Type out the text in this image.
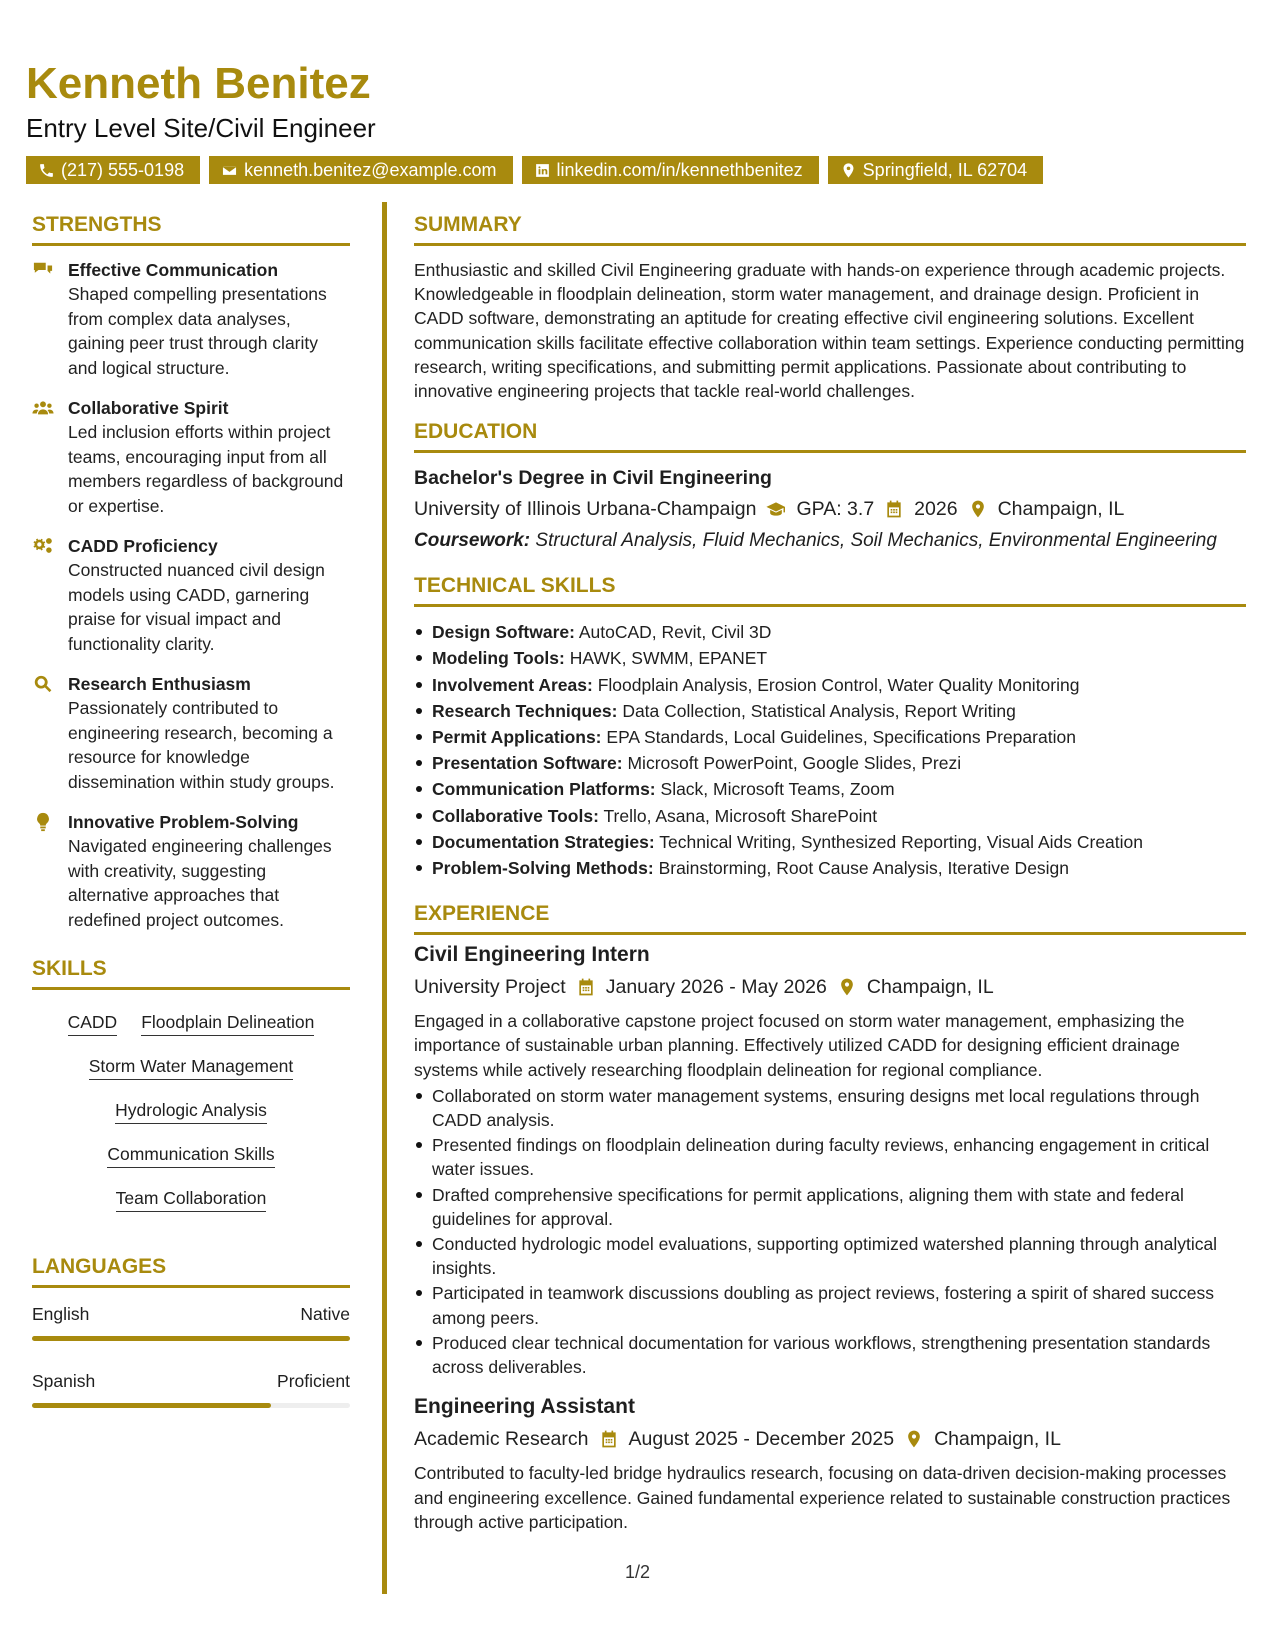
Kenneth Benitez
Entry Level Site/Civil Engineer
(217) 555-0198	kenneth.benitez@example.com	linkedin.com/in/kennethbenitez	Springfield, IL 62704
STRENGTHS
Effective Communication
Shaped compelling presentations from complex data analyses, gaining peer trust through clarity and logical structure.
Collaborative Spirit
Led inclusion efforts within project teams, encouraging input from all members regardless of background or expertise.
CADD Proficiency
Constructed nuanced civil design models using CADD, garnering praise for visual impact and functionality clarity.
Research Enthusiasm
Passionately contributed to engineering research, becoming a resource for knowledge dissemination within study groups.
Innovative Problem-Solving
Navigated engineering challenges with creativity, suggesting alternative approaches that redefined project outcomes.
SKILLS
CADD Floodplain Delineation
Storm Water Management
Hydrologic Analysis
Communication Skills
Team Collaboration
LANGUAGES
English	Native
Spanish	Proficient
SUMMARY

Enthusiastic and skilled Civil Engineering graduate with hands-on experience through academic projects. Knowledgeable in floodplain delineation, storm water management, and drainage design. Proficient in CADD software, demonstrating an aptitude for creating effective civil engineering solutions. Excellent communication skills facilitate effective collaboration within team settings. Experience conducting permitting research, writing specifications, and submitting permit applications. Passionate about contributing to innovative engineering projects that tackle real-world challenges.

EDUCATION
Bachelor's Degree in Civil Engineering
University of Illinois Urbana-Champaign GPA: 3.7 2026 Champaign, IL
Coursework: Structural Analysis, Fluid Mechanics, Soil Mechanics, Environmental Engineering
TECHNICAL SKILLS
Design Software: AutoCAD, Revit, Civil 3D
Modeling Tools: HAWK, SWMM, EPANET
Involvement Areas: Floodplain Analysis, Erosion Control, Water Quality Monitoring
Research Techniques: Data Collection, Statistical Analysis, Report Writing
Permit Applications: EPA Standards, Local Guidelines, Specifications Preparation
Presentation Software: Microsoft PowerPoint, Google Slides, Prezi
Communication Platforms: Slack, Microsoft Teams, Zoom
Collaborative Tools: Trello, Asana, Microsoft SharePoint
Documentation Strategies: Technical Writing, Synthesized Reporting, Visual Aids Creation
Problem-Solving Methods: Brainstorming, Root Cause Analysis, Iterative Design
EXPERIENCE
Civil Engineering Intern
University Project January 2026 - May 2026 Champaign, IL
Engaged in a collaborative capstone project focused on storm water management, emphasizing the importance of sustainable urban planning. Effectively utilized CADD for designing efficient drainage systems while actively researching floodplain delineation for regional compliance.
Collaborated on storm water management systems, ensuring designs met local regulations through CADD analysis.
Presented findings on floodplain delineation during faculty reviews, enhancing engagement in critical water issues.
Drafted comprehensive specifications for permit applications, aligning them with state and federal guidelines for approval.
Conducted hydrologic model evaluations, supporting optimized watershed planning through analytical insights.
Participated in teamwork discussions doubling as project reviews, fostering a spirit of shared success among peers.
Produced clear technical documentation for various workflows, strengthening presentation standards across deliverables.
Engineering Assistant
Academic Research August 2025 - December 2025 Champaign, IL
Contributed to faculty-led bridge hydraulics research, focusing on data-driven decision-making processes and engineering excellence. Gained fundamental experience related to sustainable construction practices through active participation.
1/2
